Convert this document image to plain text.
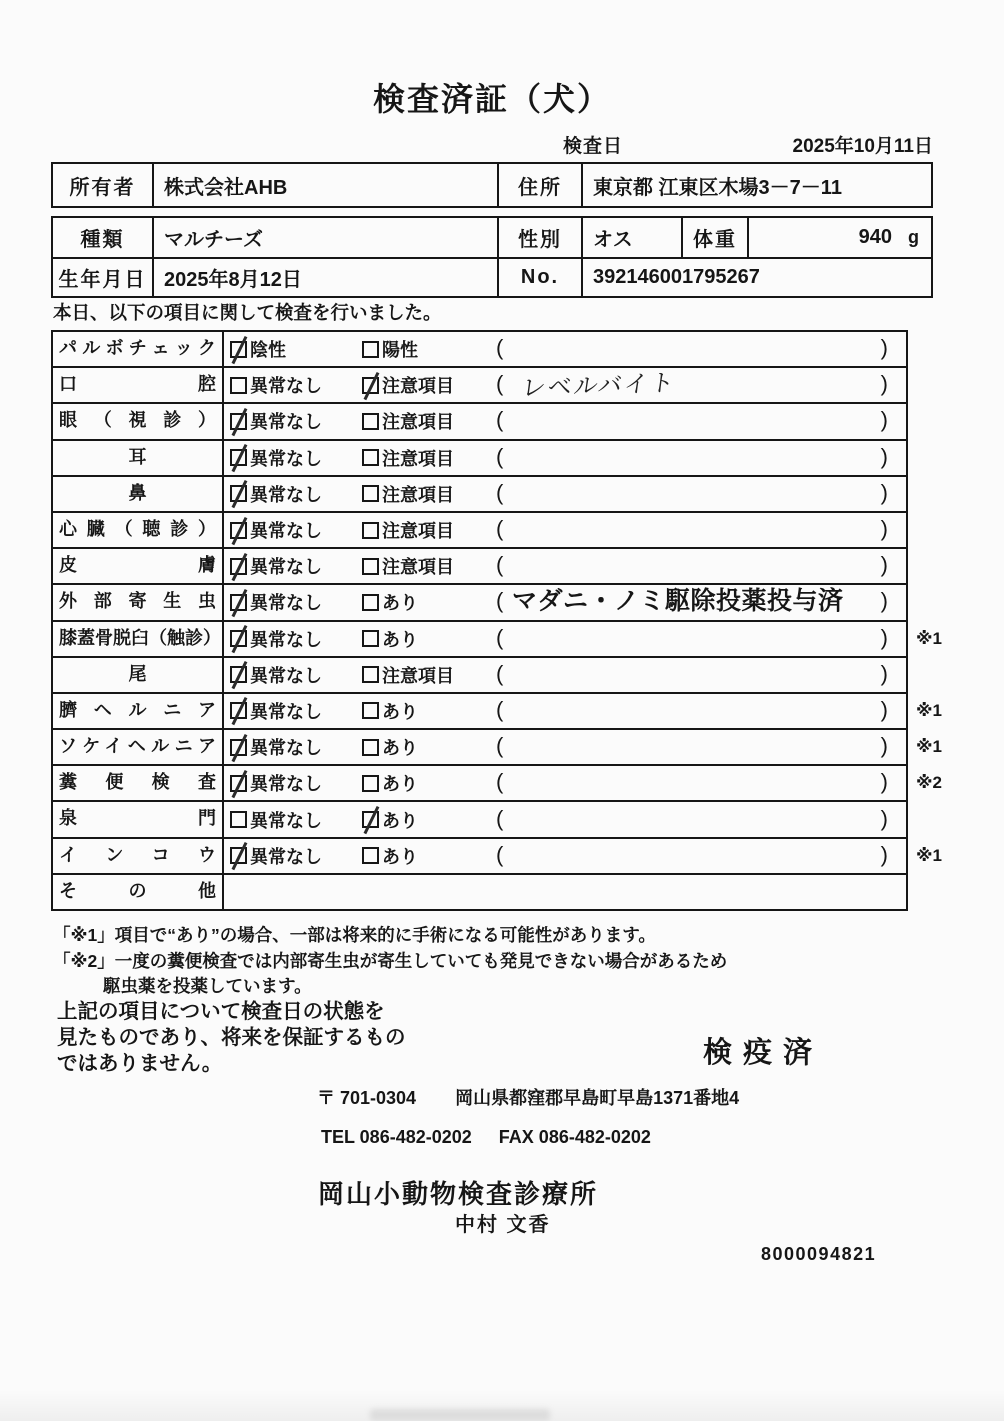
検査済証（犬）
検査日	2025年10月11日
所有者	株式会社AHB	住所	東京都 江東区木場3－7－11
種類	マルチーズ	性別	オス	体重	940 g
生年月日 2025年8月12日	No.	392146001795267
本日、以下の項目に関して検査を行いました。
パルボチェック	陰性	陽性	(	)
口腔	異常なし	注意項目 ( レベルバイト	)
眼（視診）	異常なし	注意項目 (	)
耳	異常なし	注意項目 (	)
鼻	異常なし	注意項目 (	)
心臓（聴診）	異常なし	注意項目 (	)
皮膚	異常なし	注意項目 (	)
外部寄生虫	異常なし	あり	( マダニ・ノミ駆除投薬投与済 )
膝蓋骨脱臼（触診） 異常なし	あり	(	) ※1
尾	異常なし	注意項目 (	)
臍ヘルニア	異常なし	あり	(	) ※1
ソケイヘルニア	異常なし	あり	(	) ※1
糞便検査	異常なし	あり	(	) ※2
泉門	異常なし	あり	(	)
インコウ	異常なし	あり	(	) ※1
その他
「※1」項目で“あり”の場合、一部は将来的に手術になる可能性があります。
「※2」一度の糞便検査では内部寄生虫が寄生していても発見できない場合があるため
駆虫薬を投薬しています。
上記の項目について検査日の状態を
見たものであり、将来を保証するもの
ではありません。	検疫済
〒 701-0304 岡山県都窪郡早島町早島1371番地4
TEL 086-482-0202 FAX 086-482-0202
岡山小動物検査診療所
中村 文香
8000094821
